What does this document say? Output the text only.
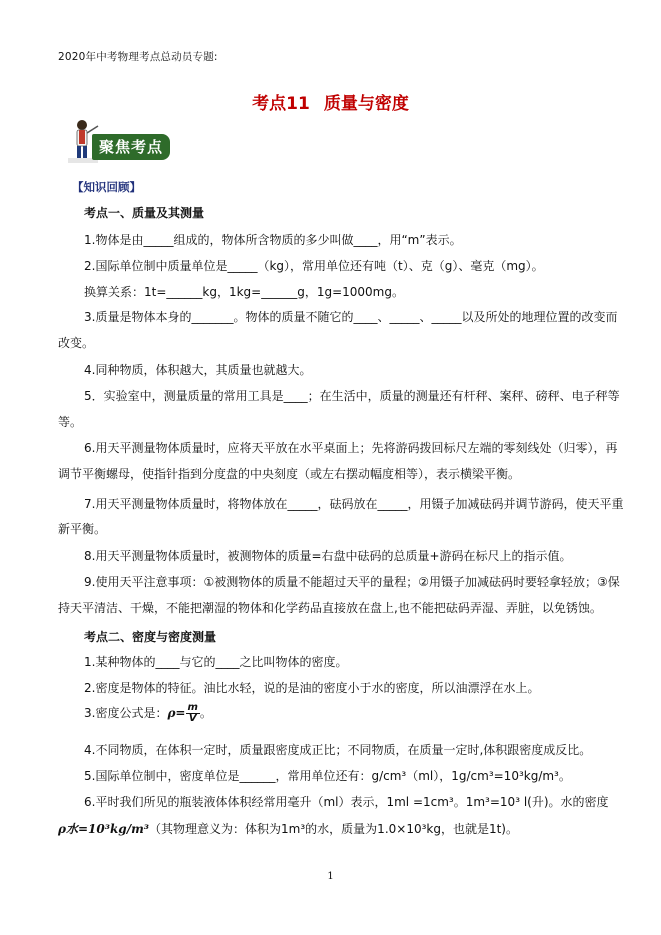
2020年中考物理考点总动员专题:
考点11 质量与密度
聚焦考点
【知识回顾】
考点一、质量及其测量
1.物体是由_____组成的，物体所含物质的多少叫做____，用“m”表示。
2.国际单位制中质量单位是_____（kg），常用单位还有吨（t）、克（g）、毫克（mg）。
换算关系：1t=______kg，1kg=______g，1g=1000mg。
3.质量是物体本身的_______。物体的质量不随它的____、_____、_____以及所处的地理位置的改变而
改变。
4.同种物质，体积越大，其质量也就越大。
5．实验室中，测量质量的常用工具是____；在生活中，质量的测量还有杆秤、案秤、磅秤、电子秤等
等。
6.用天平测量物体质量时，应将天平放在水平桌面上；先将游码拨回标尺左端的零刻线处（归零），再
调节平衡螺母，使指针指到分度盘的中央刻度（或左右摆动幅度相等），表示横梁平衡。
7.用天平测量物体质量时，将物体放在_____，砝码放在_____，用镊子加减砝码并调节游码，使天平重
新平衡。
8.用天平测量物体质量时，被测物体的质量=右盘中砝码的总质量+游码在标尺上的指示值。
9.使用天平注意事项：①被测物体的质量不能超过天平的量程；②用镊子加减砝码时要轻拿轻放；③保
持天平清洁、干燥，不能把潮湿的物体和化学药品直接放在盘上,也不能把砝码弄湿、弄脏，以免锈蚀。
考点二、密度与密度测量
1.某种物体的____与它的____之比叫物体的密度。
2.密度是物体的特征。油比水轻，说的是油的密度小于水的密度，所以油漂浮在水上。
3.密度公式是：$\rho= \frac{m}{V}$ 。
4.不同物质，在体积一定时，质量跟密度成正比；不同物质，在质量一定时,体积跟密度成反比。
5.国际单位制中，密度单位是______，常用单位还有：g/cm³（ml），1g/cm³=10³kg/m³。
6.平时我们所见的瓶装液体体积经常用毫升（ml）表示，1ml =1cm³。1m³=10³ l(升)。水的密度
ρ水=10³kg/m³（其物理意义为：体积为1m³的水，质量为1.0×10³kg，也就是1t)。
1
